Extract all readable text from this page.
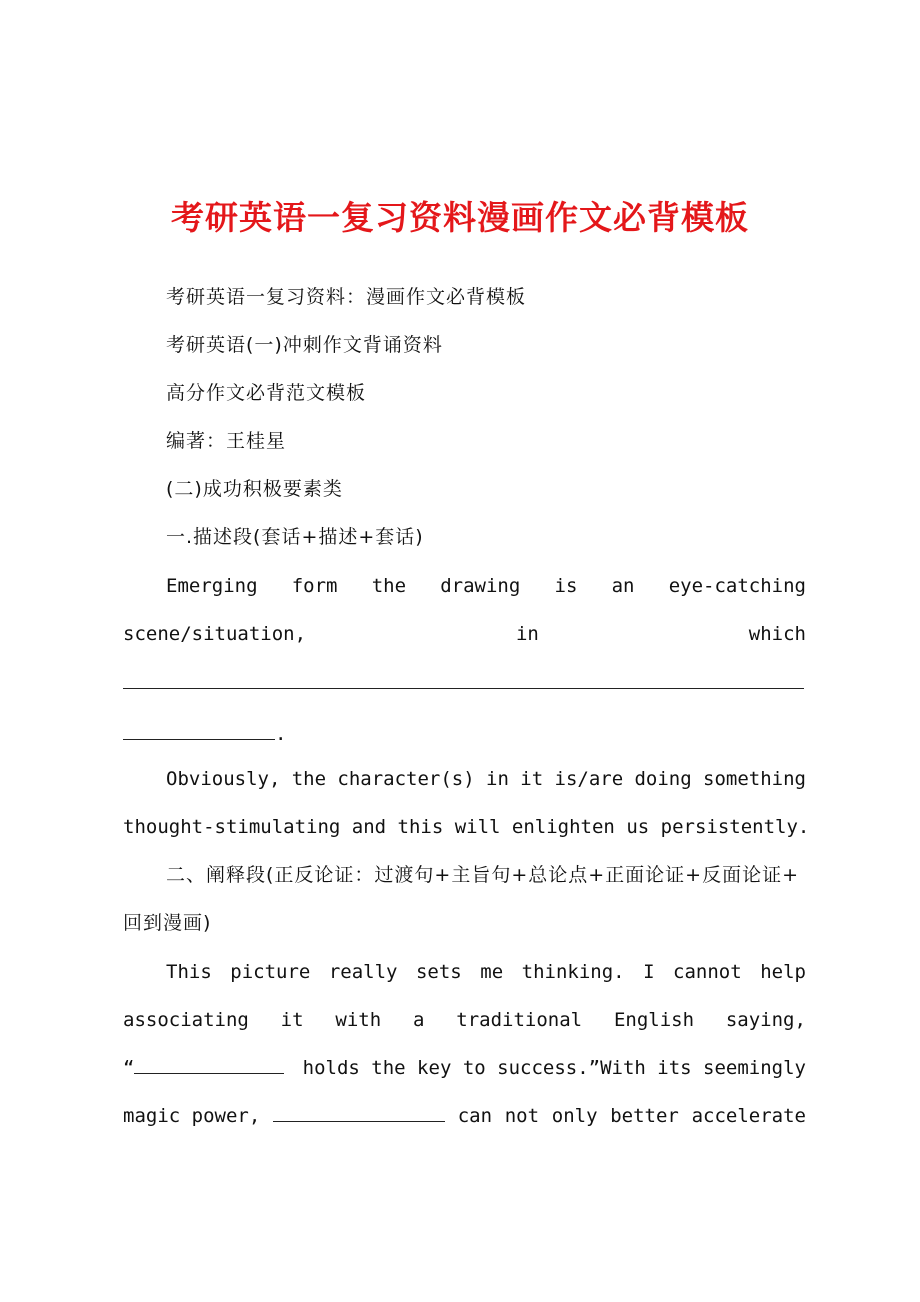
考研英语一复习资料漫画作文必背模板
考研英语一复习资料：漫画作文必背模板
考研英语(一)冲刺作文背诵资料
高分作文必背范文模板
编著：王桂星
(二)成功积极要素类
一.描述段(套话+描述+套话)
Emerging form the drawing is an eye-catching
scene/situation,	in	which
.
Obviously, the character(s) in it is/are doing something
thought-stimulating and this will enlighten us persistently.
二、阐释段(正反论证：过渡句+主旨句+总论点+正面论证+反面论证+
回到漫画)
This picture really sets me thinking. I cannot help
associating it with a traditional English saying,
“	holds the key to success.”With its seemingly
magic power,	can not only better accelerate
